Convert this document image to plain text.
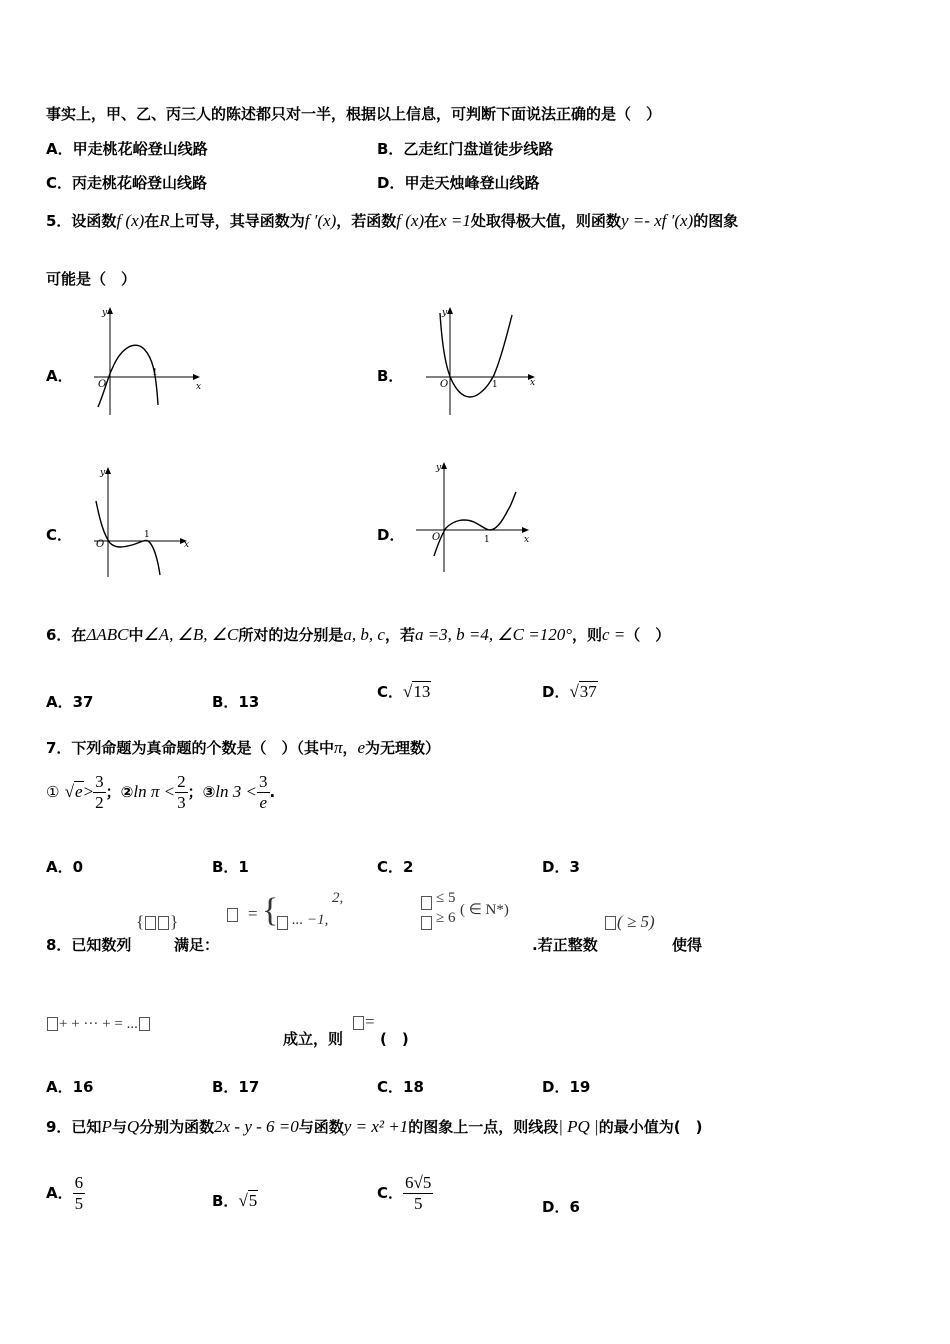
事实上，甲、乙、丙三人的陈述都只对一半，根据以上信息，可判断下面说法正确的是（　）
A．甲走桃花峪登山线路	B．乙走红门盘道徒步线路
C．丙走桃花峪登山线路	D．甲走天烛峰登山线路
5．设函数f (x)在R上可导，其导函数为f ′(x)，若函数f (x)在x =1处取得极大值，则函数y =- xf ′(x)的图象
可能是（　）
A．
y
x
O
1	B．
y
x
O	1
C．
y
x
O
1	D．
y
x
O	1
6．在ΔABC中∠A, ∠B, ∠C所对的边分别是a, b, c，若a =3, b =4, ∠C =120°，则c =（　）
A．37	B．13
C．√13	D．√37
7．下列命题为真命题的个数是（　）（其中π，e为无理数）
① $√e> \frac{3}{2}$ ；②ln $\pi < \frac{2}{3}$ ；③ln $3 < \frac{3}{e}$ .
A．0	B．1	C．2	D．3
8．已知数列
{ }
满足：
= {	2,
... −1,
≤ 5
≥ 6 ( ∈ N*)
.若正整数
( ≥ 5)
使得
+ + ··· + = ...
成立，则
=
(　)
A．16	B．17	C．18	D．19
9．已知P与Q分别为函数2x - y - 6 =0与函数y = x² +1的图象上一点，则线段| PQ |的最小值为(　)
A． $\frac{6}{5}$	B．√5	C． $\frac{6√5}{5}$	D．6
